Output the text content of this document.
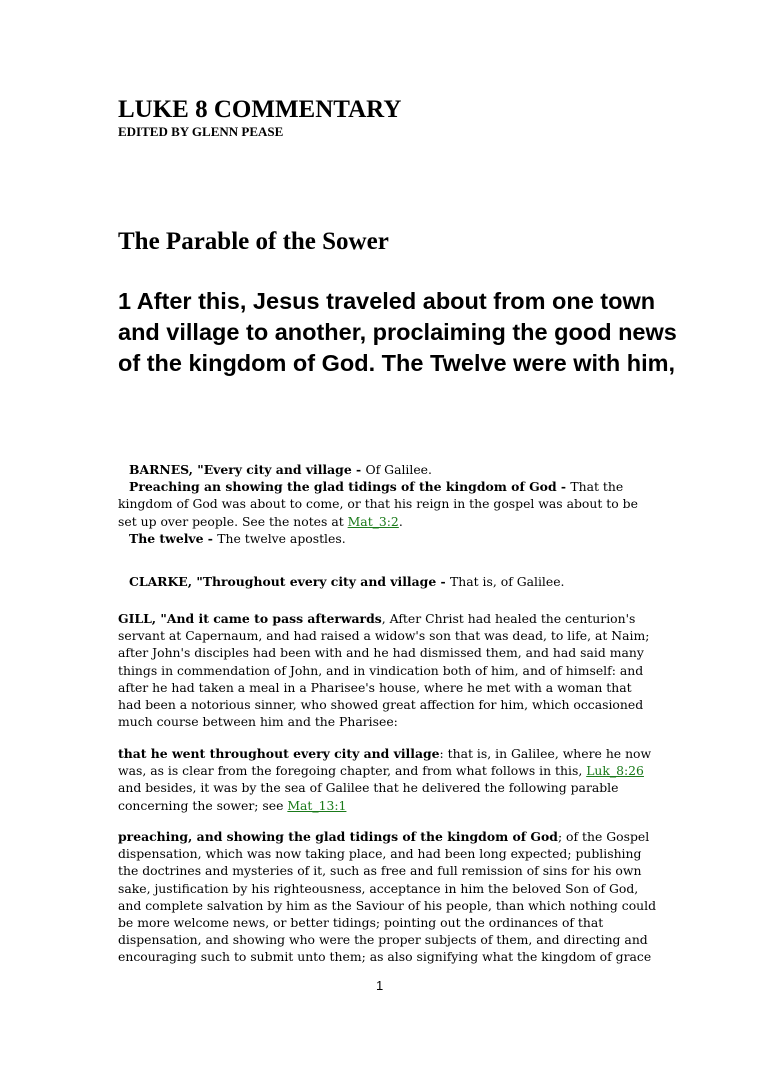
LUKE 8 COMMENTARY
EDITED BY GLENN PEASE
The Parable of the Sower

1 After this, Jesus traveled about from one town and village to another, proclaiming the good news of the kingdom of God. The Twelve were with him,

BARNES, "Every city and village - Of Galilee.
Preaching an showing the glad tidings of the kingdom of God - That the kingdom of God was about to come, or that his reign in the gospel was about to be set up over people. See the notes at Mat_3:2.
The twelve - The twelve apostles.
CLARKE, "Throughout every city and village - That is, of Galilee.
GILL, "And it came to pass afterwards, After Christ had healed the centurion's servant at Capernaum, and had raised a widow's son that was dead, to life, at Naim; after John's disciples had been with and he had dismissed them, and had said many things in commendation of John, and in vindication both of him, and of himself: and after he had taken a meal in a Pharisee's house, where he met with a woman that had been a notorious sinner, who showed great affection for him, which occasioned much course between him and the Pharisee:
that he went throughout every city and village: that is, in Galilee, where he now was, as is clear from the foregoing chapter, and from what follows in this, Luk_8:26 and besides, it was by the sea of Galilee that he delivered the following parable concerning the sower; see Mat_13:1
preaching, and showing the glad tidings of the kingdom of God; of the Gospel dispensation, which was now taking place, and had been long expected; publishing the doctrines and mysteries of it, such as free and full remission of sins for his own sake, justification by his righteousness, acceptance in him the beloved Son of God, and complete salvation by him as the Saviour of his people, than which nothing could be more welcome news, or better tidings; pointing out the ordinances of that dispensation, and showing who were the proper subjects of them, and directing and encouraging such to submit unto them; as also signifying what the kingdom of grace
1
